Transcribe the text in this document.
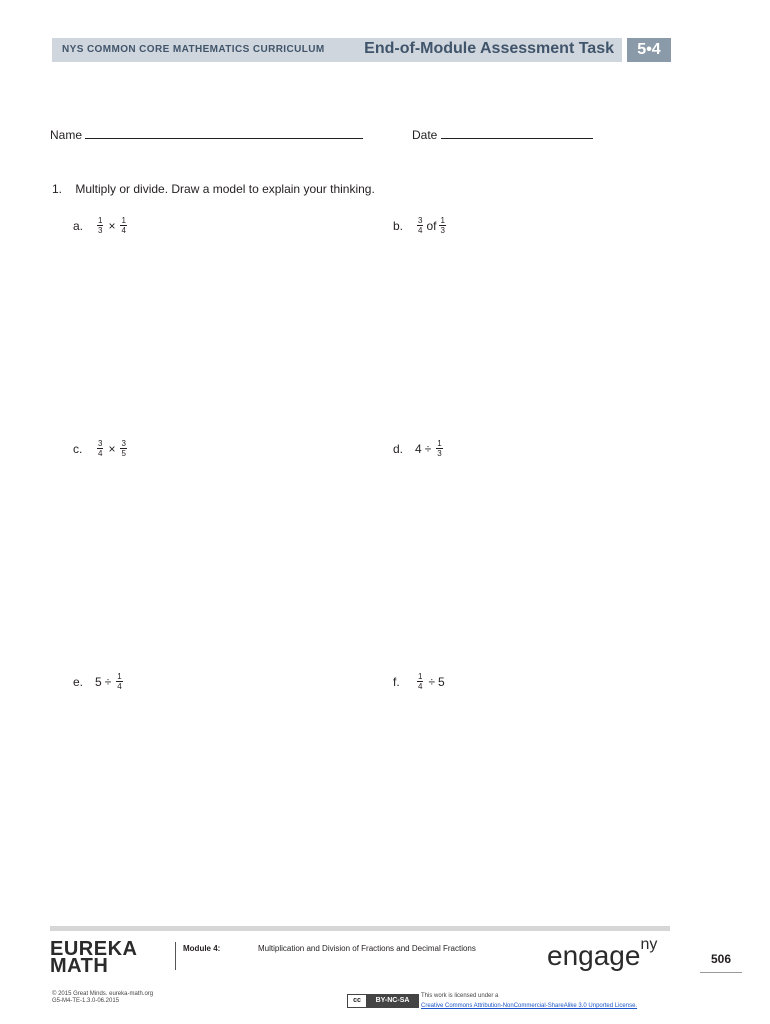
NYS COMMON CORE MATHEMATICS CURRICULUM End-of-Module Assessment Task	5•4
Name	Date
1. Multiply or divide. Draw a model to explain your thinking.
a.	$\frac{1}{3} \times \frac{1}{4}$	b.	$\frac{3}{4}$ of $\frac{1}{3}$
c.	$\frac{3}{4} \times \frac{3}{5}$	d. $4 \div \frac{1}{3}$
e. $5 \div \frac{1}{4}$	f.	$\frac{1}{4} \div 5$
EUREKA
MATH
Module 4:	Multiplication and Division of Fractions and Decimal Fractions	engage$^{ny}$
506
© 2015 Great Minds. eureka-math.org
G5-M4-TE-1.3.0-06.2015	cc	BY-NC-SA
This work is licensed under a
Creative Commons Attribution-NonCommercial-ShareAlike 3.0 Unported License.
